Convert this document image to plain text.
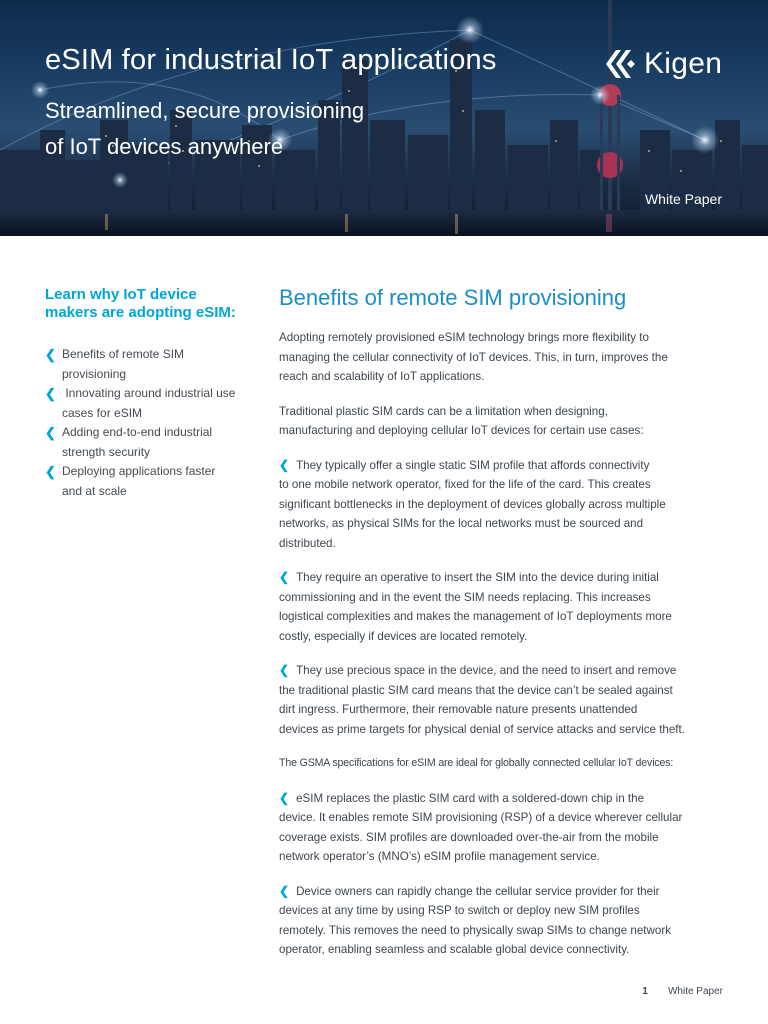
eSIM for industrial IoT applications
Streamlined, secure provisioning
of IoT devices anywhere
Kigen
White Paper
Learn why IoT device
makers are adopting eSIM:
❮ Benefits of remote SIM
provisioning
❮ Innovating around industrial use
cases for eSIM
❮ Adding end-to-end industrial
strength security
❮ Deploying applications faster
and at scale
Benefits of remote SIM provisioning

Adopting remotely provisioned eSIM technology brings more flexibility to
managing the cellular connectivity of IoT devices. This, in turn, improves the
reach and scalability of IoT applications.

Traditional plastic SIM cards can be a limitation when designing,
manufacturing and deploying cellular IoT devices for certain use cases:

❮ They typically offer a single static SIM profile that affords connectivity
to one mobile network operator, fixed for the life of the card. This creates
significant bottlenecks in the deployment of devices globally across multiple
networks, as physical SIMs for the local networks must be sourced and
distributed.

❮ They require an operative to insert the SIM into the device during initial
commissioning and in the event the SIM needs replacing. This increases
logistical complexities and makes the management of IoT deployments more
costly, especially if devices are located remotely.

❮ They use precious space in the device, and the need to insert and remove
the traditional plastic SIM card means that the device can’t be sealed against
dirt ingress. Furthermore, their removable nature presents unattended
devices as prime targets for physical denial of service attacks and service theft.

The GSMA specifications for eSIM are ideal for globally connected cellular IoT devices:

❮ eSIM replaces the plastic SIM card with a soldered-down chip in the
device. It enables remote SIM provisioning (RSP) of a device wherever cellular
coverage exists. SIM profiles are downloaded over-the-air from the mobile
network operator’s (MNO’s) eSIM profile management service.

❮ Device owners can rapidly change the cellular service provider for their
devices at any time by using RSP to switch or deploy new SIM profiles
remotely. This removes the need to physically swap SIMs to change network
operator, enabling seamless and scalable global device connectivity.

1 White Paper
